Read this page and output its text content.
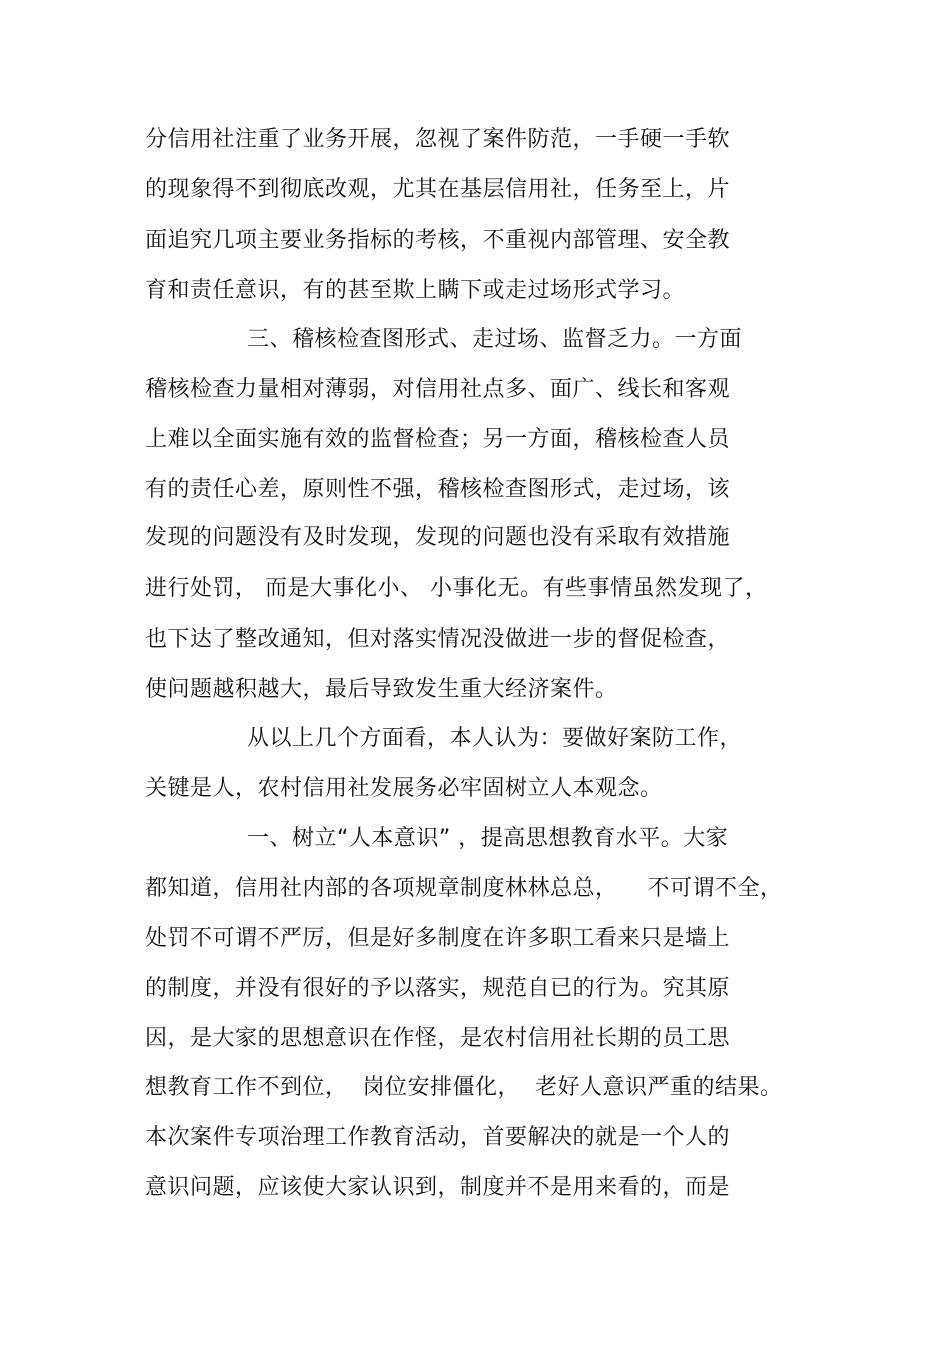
分信用社注重了业务开展，忽视了案件防范，一手硬一手软
的现象得不到彻底改观，尤其在基层信用社，任务至上，片
面追究几项主要业务指标的考核，不重视内部管理、安全教
育和责任意识，有的甚至欺上瞒下或走过场形式学习。
三、稽核检查图形式、走过场、监督乏力。一方面
稽核检查力量相对薄弱，对信用社点多、面广、线长和客观
上难以全面实施有效的监督检查；另一方面，稽核检查人员
有的责任心差，原则性不强，稽核检查图形式，走过场，该
发现的问题没有及时发现，发现的问题也没有采取有效措施
进行处罚， 而是大事化小、 小事化无。有些事情虽然发现了，
也下达了整改通知，但对落实情况没做进一步的督促检查，
使问题越积越大，最后导致发生重大经济案件。
从以上几个方面看，本人认为：要做好案防工作，
关键是人，农村信用社发展务必牢固树立人本观念。
一、树立“人本意识” ，提高思想教育水平。大家
都知道，信用社内部的各项规章制度林林总总，    不可谓不全，
处罚不可谓不严厉，但是好多制度在许多职工看来只是墙上
的制度，并没有很好的予以落实，规范自已的行为。究其原
因，是大家的思想意识在作怪，是农村信用社长期的员工思
想教育工作不到位，  岗位安排僵化，  老好人意识严重的结果。
本次案件专项治理工作教育活动，首要解决的就是一个人的
意识问题，应该使大家认识到，制度并不是用来看的，而是
